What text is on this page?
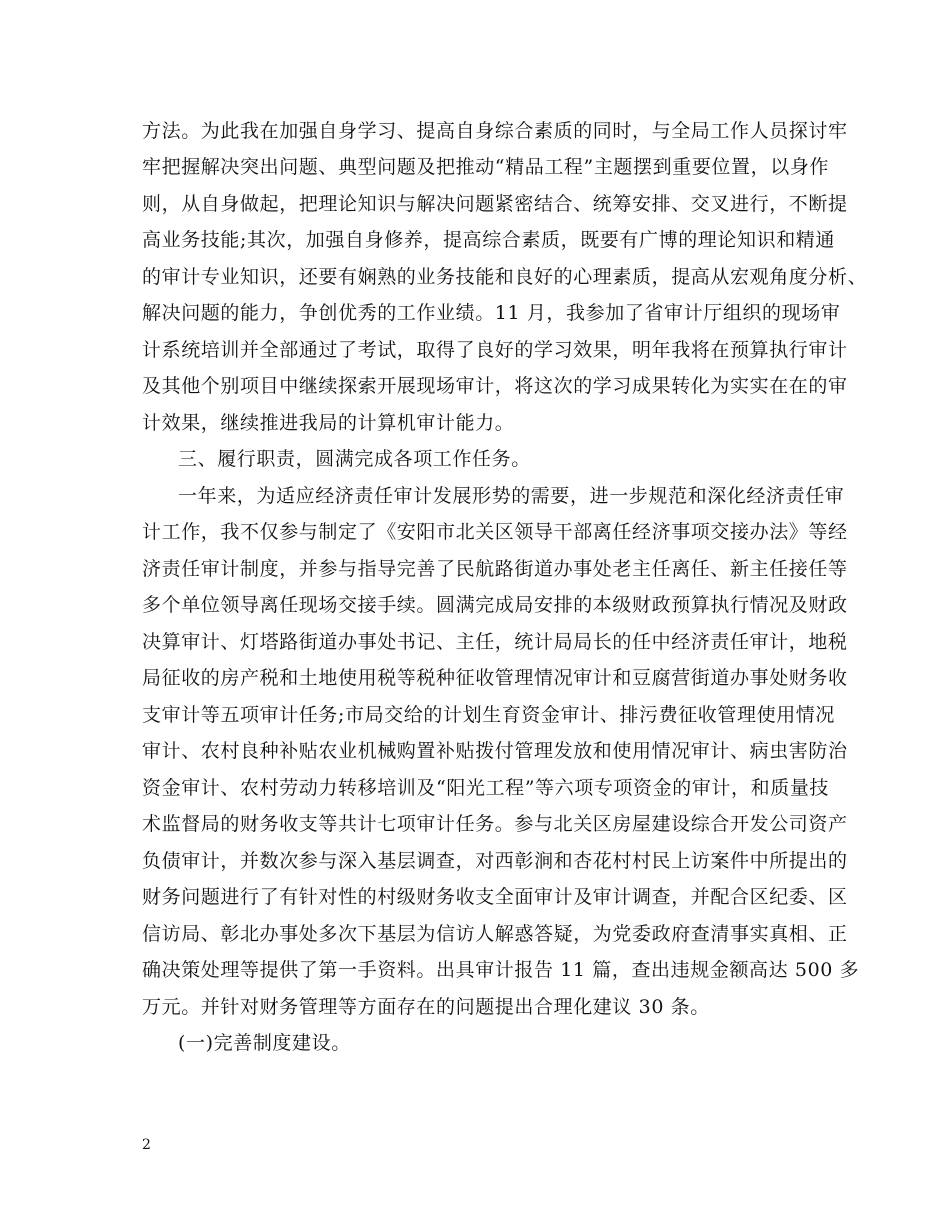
方法。为此我在加强自身学习、提高自身综合素质的同时，与全局工作人员探讨牢
牢把握解决突出问题、典型问题及把推动“精品工程”主题摆到重要位置，以身作
则，从自身做起，把理论知识与解决问题紧密结合、统筹安排、交叉进行，不断提
高业务技能;其次，加强自身修养，提高综合素质，既要有广博的理论知识和精通
的审计专业知识，还要有娴熟的业务技能和良好的心理素质，提高从宏观角度分析、
解决问题的能力，争创优秀的工作业绩。11 月，我参加了省审计厅组织的现场审
计系统培训并全部通过了考试，取得了良好的学习效果，明年我将在预算执行审计
及其他个别项目中继续探索开展现场审计，将这次的学习成果转化为实实在在的审
计效果，继续推进我局的计算机审计能力。
三、履行职责，圆满完成各项工作任务。
一年来，为适应经济责任审计发展形势的需要，进一步规范和深化经济责任审
计工作，我不仅参与制定了《安阳市北关区领导干部离任经济事项交接办法》等经
济责任审计制度，并参与指导完善了民航路街道办事处老主任离任、新主任接任等
多个单位领导离任现场交接手续。圆满完成局安排的本级财政预算执行情况及财政
决算审计、灯塔路街道办事处书记、主任，统计局局长的任中经济责任审计，地税
局征收的房产税和土地使用税等税种征收管理情况审计和豆腐营街道办事处财务收
支审计等五项审计任务;市局交给的计划生育资金审计、排污费征收管理使用情况
审计、农村良种补贴农业机械购置补贴拨付管理发放和使用情况审计、病虫害防治
资金审计、农村劳动力转移培训及“阳光工程”等六项专项资金的审计，和质量技
术监督局的财务收支等共计七项审计任务。参与北关区房屋建设综合开发公司资产
负债审计，并数次参与深入基层调查，对西彰涧和杏花村村民上访案件中所提出的
财务问题进行了有针对性的村级财务收支全面审计及审计调查，并配合区纪委、区
信访局、彰北办事处多次下基层为信访人解惑答疑，为党委政府查清事实真相、正
确决策处理等提供了第一手资料。出具审计报告 11 篇，查出违规金额高达 500 多
万元。并针对财务管理等方面存在的问题提出合理化建议 30 条。
(一)完善制度建设。
2
